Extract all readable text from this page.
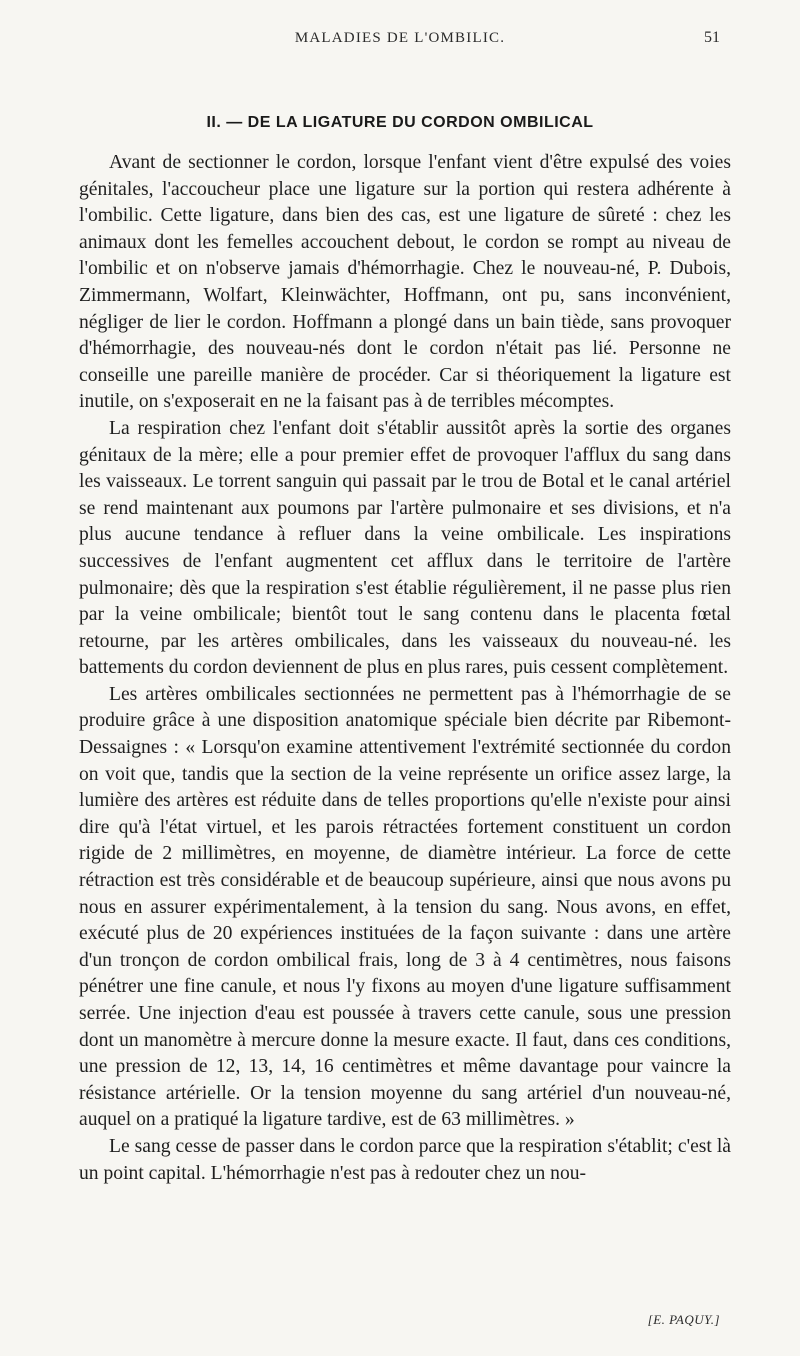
MALADIES DE L'OMBILIC.	51
II. — DE LA LIGATURE DU CORDON OMBILICAL

Avant de sectionner le cordon, lorsque l'enfant vient d'être expulsé des voies génitales, l'accoucheur place une ligature sur la portion qui restera adhérente à l'ombilic. Cette ligature, dans bien des cas, est une ligature de sûreté : chez les animaux dont les femelles accouchent debout, le cordon se rompt au niveau de l'ombilic et on n'observe jamais d'hémorrhagie. Chez le nouveau-né, P. Dubois, Zimmermann, Wolfart, Kleinwächter, Hoffmann, ont pu, sans inconvénient, négliger de lier le cordon. Hoffmann a plongé dans un bain tiède, sans provoquer d'hémorrhagie, des nouveau-nés dont le cordon n'était pas lié. Personne ne conseille une pareille manière de procéder. Car si théoriquement la ligature est inutile, on s'exposerait en ne la faisant pas à de terribles mécomptes.

La respiration chez l'enfant doit s'établir aussitôt après la sortie des organes génitaux de la mère; elle a pour premier effet de provoquer l'afflux du sang dans les vaisseaux. Le torrent sanguin qui passait par le trou de Botal et le canal artériel se rend maintenant aux poumons par l'artère pulmonaire et ses divisions, et n'a plus aucune tendance à refluer dans la veine ombilicale. Les inspirations successives de l'enfant augmentent cet afflux dans le territoire de l'artère pulmonaire; dès que la respiration s'est établie régulièrement, il ne passe plus rien par la veine ombilicale; bientôt tout le sang contenu dans le placenta fœtal retourne, par les artères ombilicales, dans les vaisseaux du nouveau-né. les battements du cordon deviennent de plus en plus rares, puis cessent complètement.

Les artères ombilicales sectionnées ne permettent pas à l'hémorrhagie de se produire grâce à une disposition anatomique spéciale bien décrite par Ribemont-Dessaignes : « Lorsqu'on examine attentivement l'extrémité sectionnée du cordon on voit que, tandis que la section de la veine représente un orifice assez large, la lumière des artères est réduite dans de telles proportions qu'elle n'existe pour ainsi dire qu'à l'état virtuel, et les parois rétractées fortement constituent un cordon rigide de 2 millimètres, en moyenne, de diamètre intérieur. La force de cette rétraction est très considérable et de beaucoup supérieure, ainsi que nous avons pu nous en assurer expérimentalement, à la tension du sang. Nous avons, en effet, exécuté plus de 20 expériences instituées de la façon suivante : dans une artère d'un tronçon de cordon ombilical frais, long de 3 à 4 centimètres, nous faisons pénétrer une fine canule, et nous l'y fixons au moyen d'une ligature suffisamment serrée. Une injection d'eau est poussée à travers cette canule, sous une pression dont un manomètre à mercure donne la mesure exacte. Il faut, dans ces conditions, une pression de 12, 13, 14, 16 centimètres et même davantage pour vaincre la résistance artérielle. Or la tension moyenne du sang artériel d'un nouveau-né, auquel on a pratiqué la ligature tardive, est de 63 millimètres. »

Le sang cesse de passer dans le cordon parce que la respiration s'établit; c'est là un point capital. L'hémorrhagie n'est pas à redouter chez un nou-

[E. PAQUY.]
